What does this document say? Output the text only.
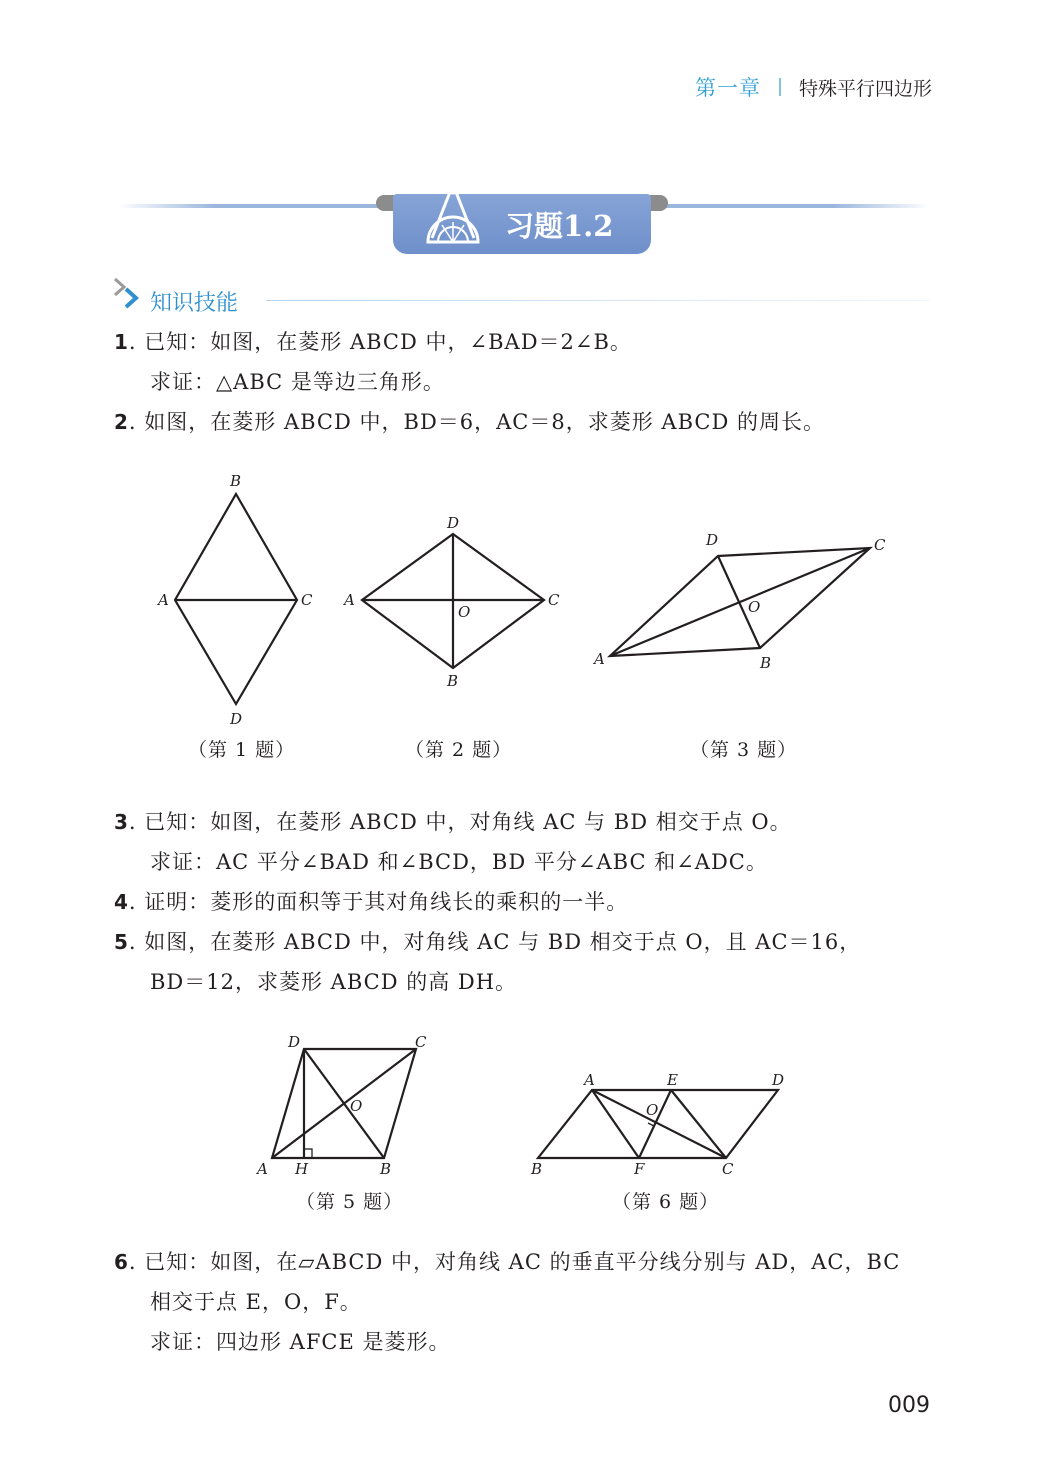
第一章 特殊平行四边形
习题1.2
知识技能
1. 已知：如图，在菱形 ABCD 中，∠BAD＝2∠B。
求证：△ABC 是等边三角形。
2. 如图，在菱形 ABCD 中，BD＝6，AC＝8，求菱形 ABCD 的周长。
B
A	C
D
（第 1 题）
D
A	C
O
B
（第 2 题）
D	C
O
A	B
（第 3 题）
3. 已知：如图，在菱形 ABCD 中，对角线 AC 与 BD 相交于点 O。
求证：AC 平分∠BAD 和∠BCD，BD 平分∠ABC 和∠ADC。
4. 证明：菱形的面积等于其对角线长的乘积的一半。
5. 如图，在菱形 ABCD 中，对角线 AC 与 BD 相交于点 O，且 AC＝16，
BD＝12，求菱形 ABCD 的高 DH。
D	C
O
A H	B
（第 5 题）
A	E	D
O
B	F	C
（第 6 题）
6. 已知：如图，在▱ABCD 中，对角线 AC 的垂直平分线分别与 AD，AC，BC
相交于点 E，O，F。
求证：四边形 AFCE 是菱形。
009
